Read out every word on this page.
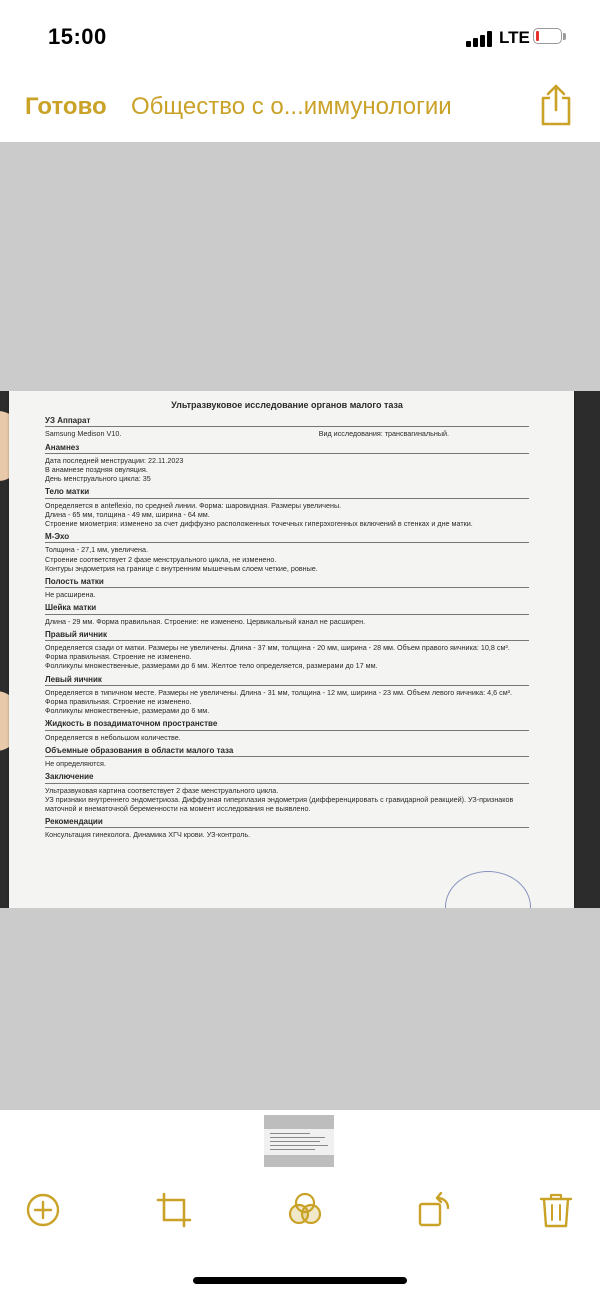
15:00	LTE
Готово Общество с о...иммунологии
Ультразвуковое исследование органов малого таза
УЗ Аппарат
Samsung Medison V10.	Вид исследования: трансвагинальный.
Анамнез
Дата последней менструации: 22.11.2023
В анамнезе поздняя овуляция.
День менструального цикла: 35
Тело матки
Определяется в anteflexio, по средней линии. Форма: шаровидная. Размеры увеличены.
Длина - 65 мм, толщина - 49 мм, ширина - 64 мм.
Строение миометрия: изменено за счет диффузно расположенных точечных гиперэхогенных включений в стенках и дне матки.
М-Эхо
Толщина - 27,1 мм, увеличена.
Строение соответствует 2 фазе менструального цикла, не изменено.
Контуры эндометрия на границе с внутренним мышечным слоем четкие, ровные.
Полость матки
Не расширена.
Шейка матки
Длина - 29 мм. Форма правильная. Строение: не изменено. Цервикальный канал не расширен.
Правый яичник
Определяется сзади от матки. Размеры не увеличены. Длина - 37 мм, толщина - 20 мм, ширина - 28 мм. Объем правого яичника: 10,8 см³. Форма правильная. Строение не изменено.
Фолликулы множественные, размерами до 6 мм. Желтое тело определяется, размерами до 17 мм.
Левый яичник
Определяется в типичном месте. Размеры не увеличены. Длина - 31 мм, толщина - 12 мм, ширина - 23 мм. Объем левого яичника: 4,6 см³. Форма правильная. Строение не изменено.
Фолликулы множественные, размерами до 6 мм.
Жидкость в позадиматочном пространстве
Определяется в небольшом количестве.
Объемные образования в области малого таза
Не определяются.
Заключение
Ультразвуковая картина соответствует 2 фазе менструального цикла.
УЗ признаки внутреннего эндометриоза. Диффузная гиперплазия эндометрия (дифференцировать с гравидарной реакцией). УЗ-признаков маточной и внематочной беременности на момент исследования не выявлено.
Рекомендации
Консультация гинеколога. Динамика ХГЧ крови. УЗ-контроль.
